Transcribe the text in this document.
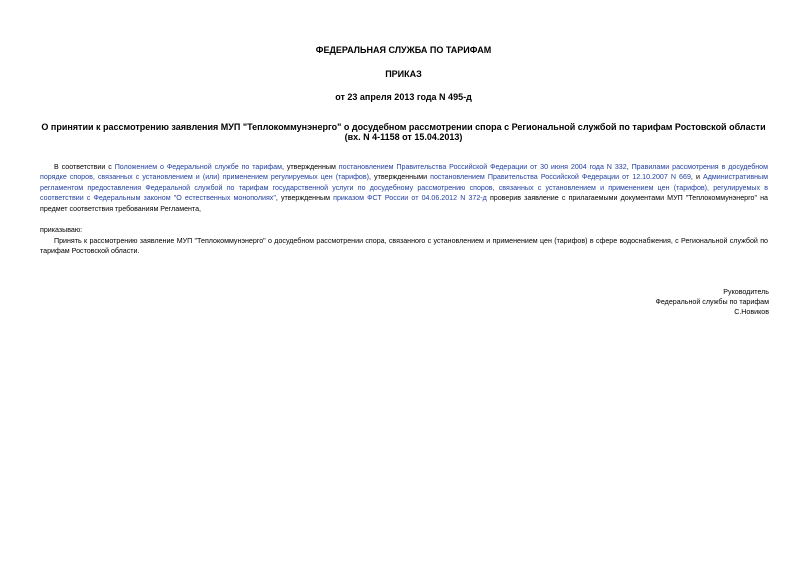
ФЕДЕРАЛЬНАЯ СЛУЖБА ПО ТАРИФАМ
ПРИКАЗ
от 23 апреля 2013 года N 495-д
О принятии к рассмотрению заявления МУП "Теплокоммунэнерго" о досудебном рассмотрении спора с Региональной службой по тарифам Ростовской области
(вх. N 4-1158 от 15.04.2013)
В соответствии с Положением о Федеральной службе по тарифам, утвержденным постановлением Правительства Российской Федерации от 30 июня 2004 года N 332, Правилами рассмотрения в досудебном порядке споров, связанных с установлением и (или) применением регулируемых цен (тарифов), утвержденными постановлением Правительства Российской Федерации от 12.10.2007 N 669, и Административным регламентом предоставления Федеральной службой по тарифам государственной услуги по досудебному рассмотрению споров, связанных с установлением и применением цен (тарифов), регулируемых в соответствии с Федеральным законом "О естественных монополиях", утвержденным приказом ФСТ России от 04.06.2012 N 372-д проверив заявление с прилагаемыми документами МУП "Теплокоммунэнерго" на предмет соответствия требованиям Регламента,
приказываю:
Принять к рассмотрению заявление МУП "Теплокоммунэнерго" о досудебном рассмотрении спора, связанного с установлением и применением цен (тарифов) в сфере водоснабжения, с Региональной службой по тарифам Ростовской области.
Руководитель
Федеральной службы по тарифам
С.Новиков
